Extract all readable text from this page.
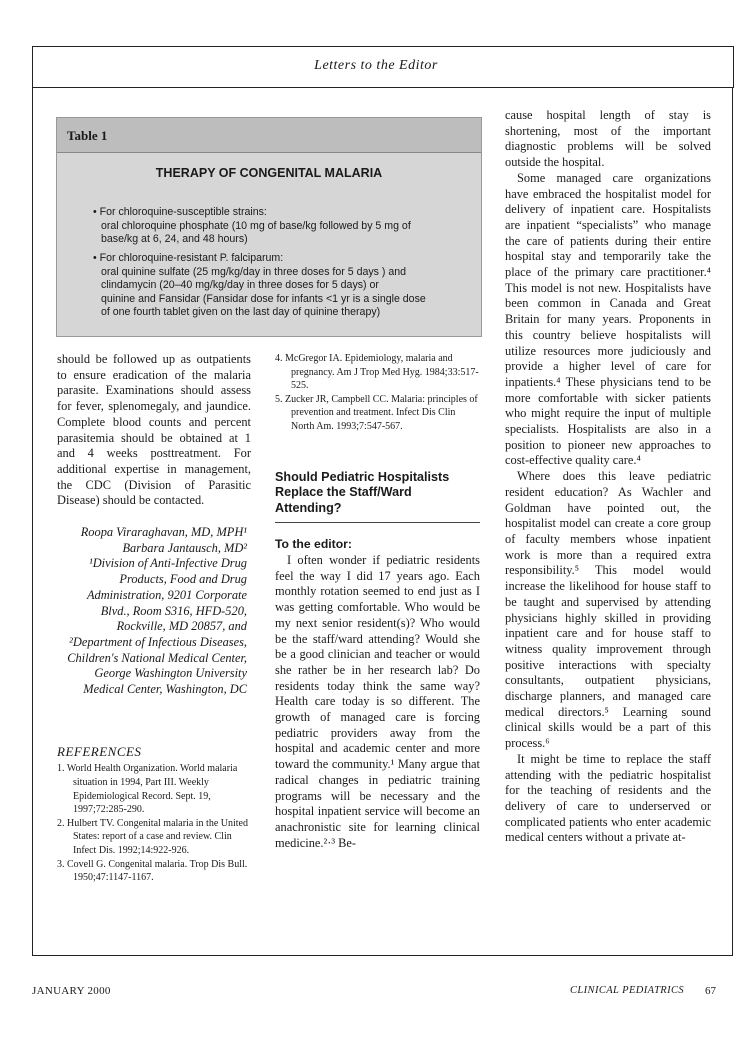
Letters to the Editor
Table 1
THERAPY OF CONGENITAL MALARIA

• For chloroquine-susceptible strains:

oral chloroquine phosphate (10 mg of base/kg followed by 5 mg of

base/kg at 6, 24, and 48 hours)

• For chloroquine-resistant P. falciparum:

oral quinine sulfate (25 mg/kg/day in three doses for 5 days ) and

clindamycin (20–40 mg/kg/day in three doses for 5 days) or

quinine and Fansidar (Fansidar dose for infants <1 yr is a single dose

of one fourth tablet given on the last day of quinine therapy)

should be followed up as outpatients to ensure eradication of the malaria parasite. Examinations should assess for fever, splenomegaly, and jaundice. Complete blood counts and percent parasitemia should be obtained at 1 and 4 weeks posttreatment. For additional expertise in management, the CDC (Division of Parasitic Disease) should be contacted.

Roopa Viraraghavan, MD, MPH¹
Barbara Jantausch, MD²
¹Division of Anti-Infective Drug
Products, Food and Drug
Administration, 9201 Corporate
Blvd., Room S316, HFD-520,
Rockville, MD 20857, and
²Department of Infectious Diseases,
Children's National Medical Center,
George Washington University
Medical Center, Washington, DC
REFERENCES

1. World Health Organization. World malaria situation in 1994, Part III. Weekly Epidemiological Record. Sept. 19, 1997;72:285-290.

2. Hulbert TV. Congenital malaria in the United States: report of a case and review. Clin Infect Dis. 1992;14:922-926.

3. Covell G. Congenital malaria. Trop Dis Bull. 1950;47:1147-1167.

4. McGregor IA. Epidemiology, malaria and pregnancy. Am J Trop Med Hyg. 1984;33:517-525.

5. Zucker JR, Campbell CC. Malaria: principles of prevention and treatment. Infect Dis Clin North Am. 1993;7:547-567.

Should Pediatric Hospitalists Replace the Staff/Ward Attending?
To the editor:

I often wonder if pediatric residents feel the way I did 17 years ago. Each monthly rotation seemed to end just as I was getting comfortable. Who would be my next senior resident(s)? Who would be the staff/ward attending? Would she be a good clinician and teacher or would she rather be in her research lab? Do residents today think the same way? Health care today is so different. The growth of managed care is forcing pediatric providers away from the hospital and academic center and more toward the community.¹ Many argue that radical changes in pediatric training programs will be necessary and the hospital inpatient service will become an anachronistic site for learning clinical medicine.²·³ Be-

cause hospital length of stay is shortening, most of the important diagnostic problems will be solved outside the hospital.

Some managed care organizations have embraced the hospitalist model for delivery of inpatient care. Hospitalists are inpatient “specialists” who manage the care of patients during their entire hospital stay and temporarily take the place of the primary care practitioner.⁴ This model is not new. Hospitalists have been common in Canada and Great Britain for many years. Proponents in this country believe hospitalists will utilize resources more judiciously and provide a higher level of care for inpatients.⁴ These physicians tend to be more comfortable with sicker patients who might require the input of multiple specialists. Hospitalists are also in a position to pioneer new approaches to cost-effective quality care.⁴

Where does this leave pediatric resident education? As Wachler and Goldman have pointed out, the hospitalist model can create a core group of faculty members whose inpatient work is more than a required extra responsibility.⁵ This model would increase the likelihood for house staff to be taught and supervised by attending physicians highly skilled in providing inpatient care and for house staff to witness quality improvement through positive interactions with specialty consultants, outpatient physicians, discharge planners, and managed care medical directors.⁵ Learning sound clinical skills would be a part of this process.⁶

It might be time to replace the staff attending with the pediatric hospitalist for the teaching of residents and the delivery of care to underserved or complicated patients who enter academic medical centers without a private at-

JANUARY 2000	CLINICAL PEDIATRICS 67
